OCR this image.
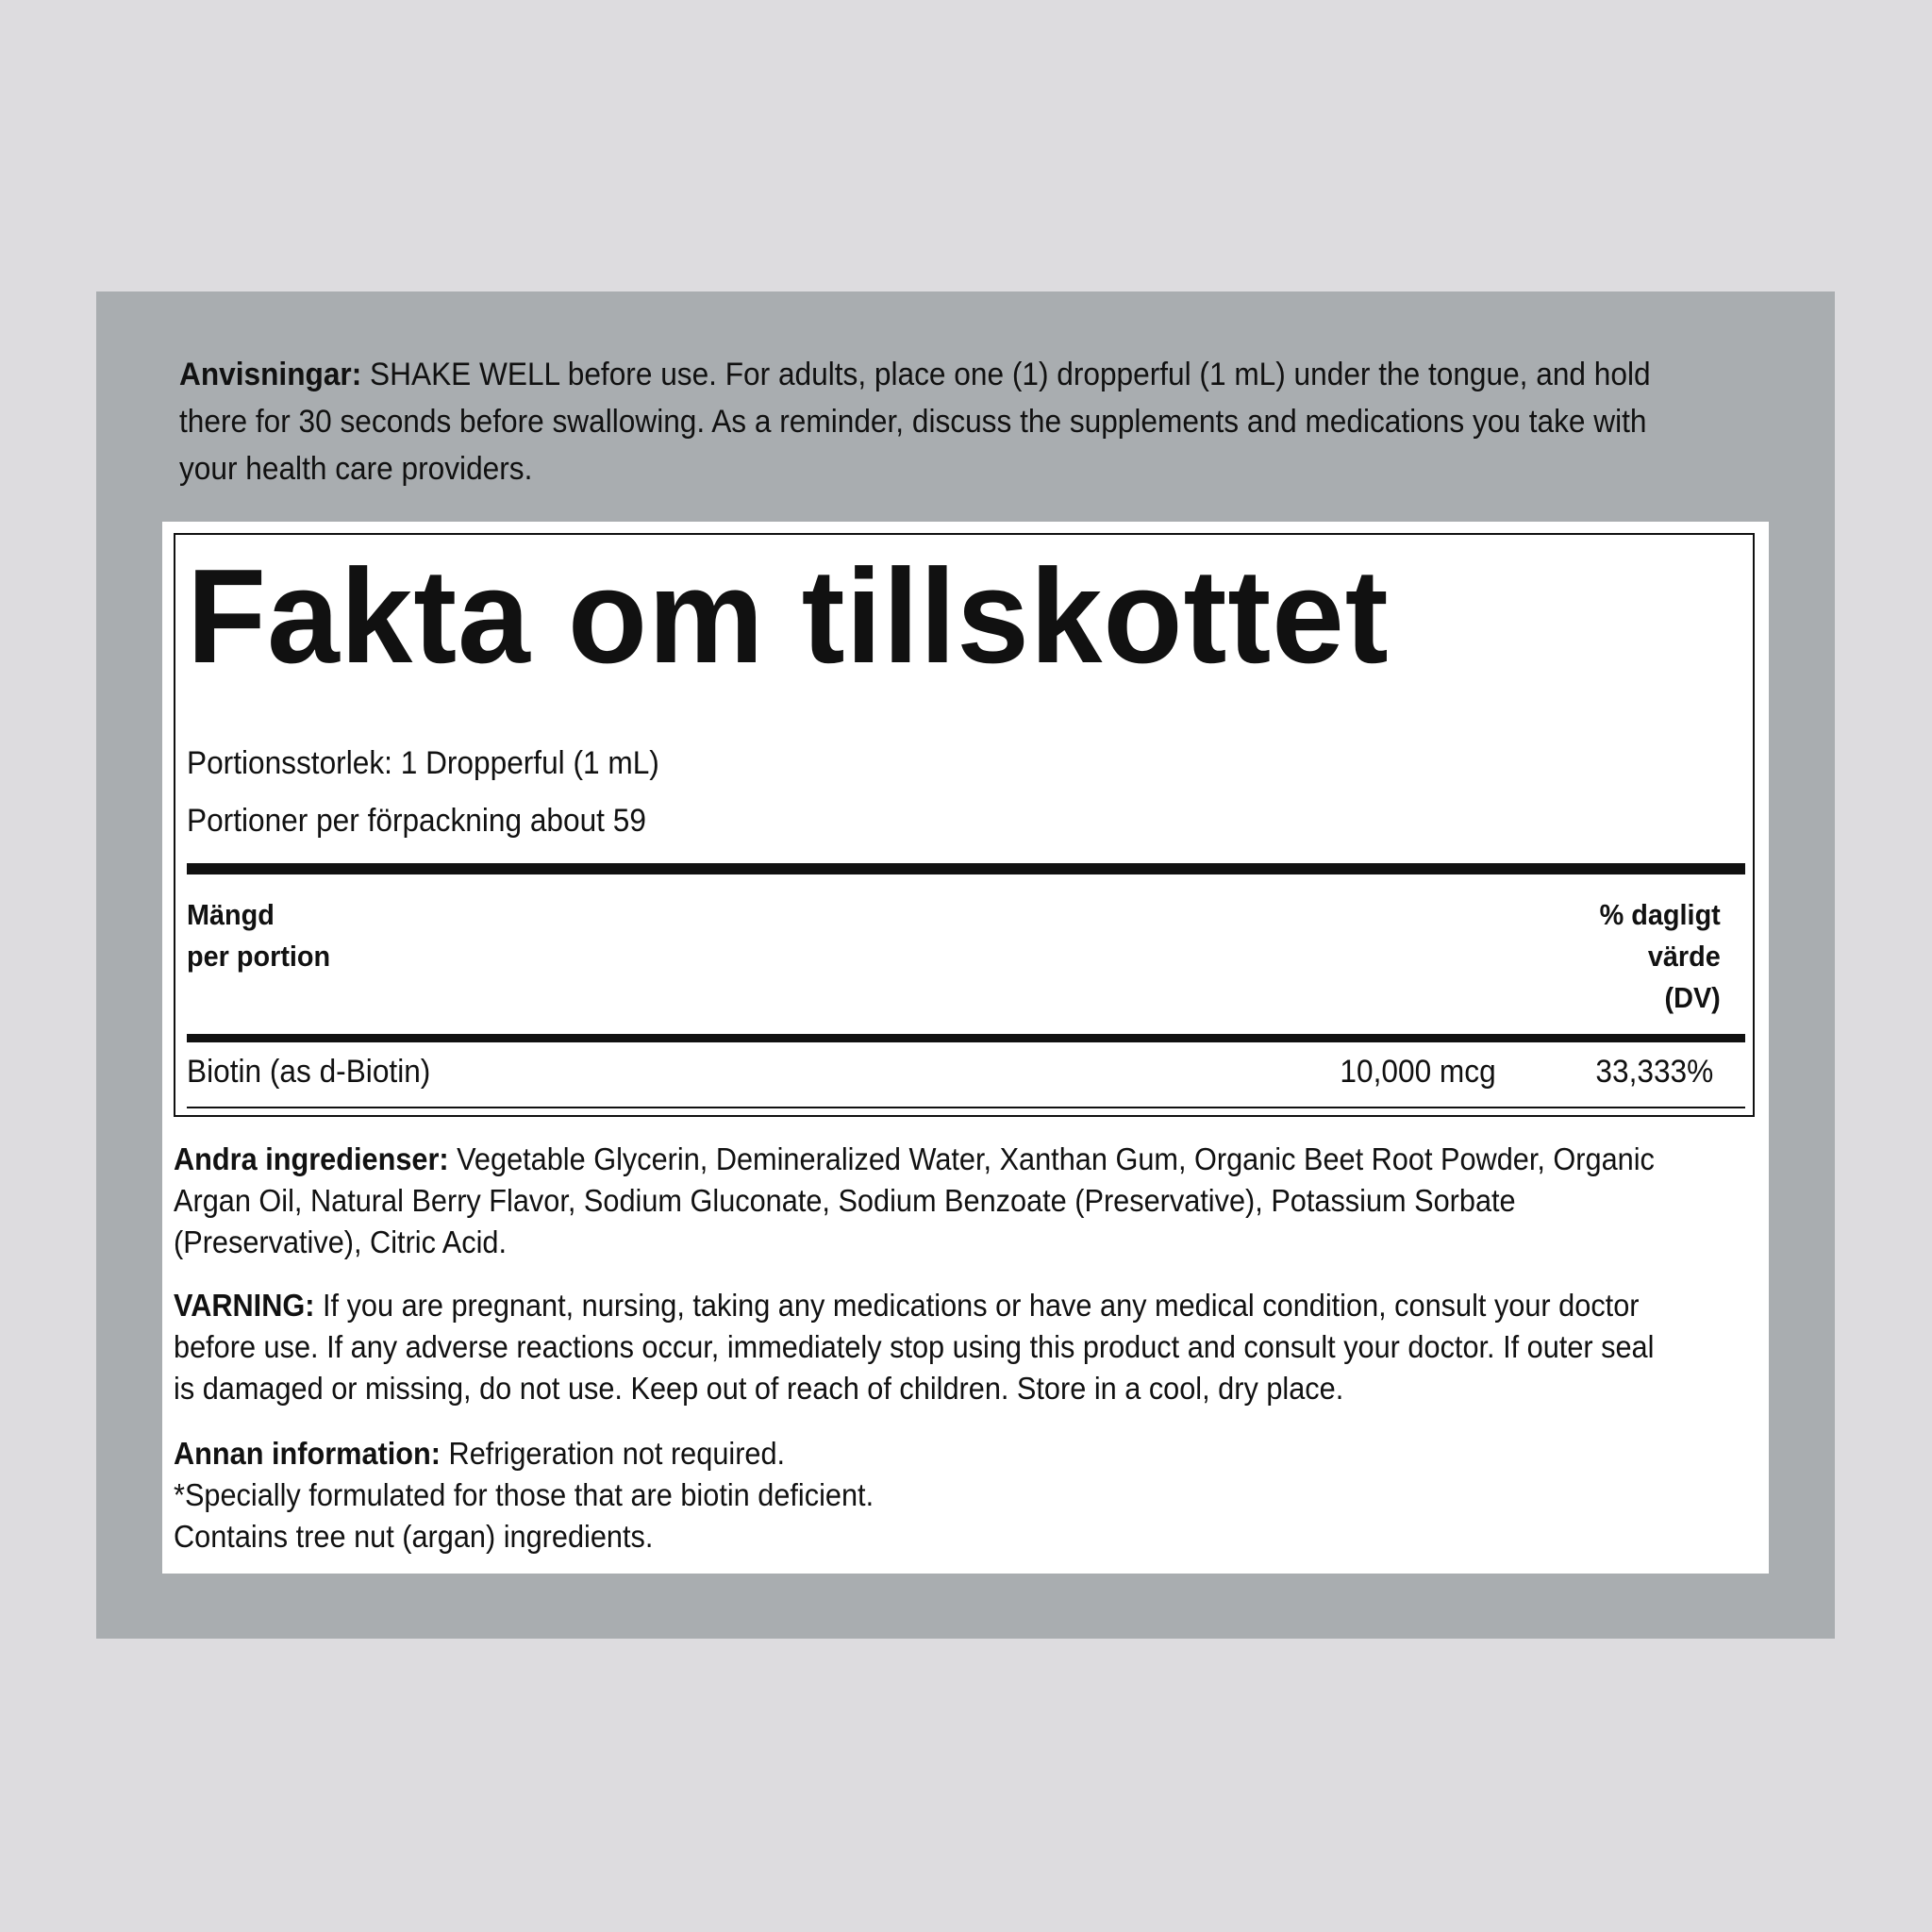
Anvisningar: SHAKE WELL before use. For adults, place one (1) dropperful (1 mL) under the tongue, and hold there for 30 seconds before swallowing. As a reminder, discuss the supplements and medications you take with your health care providers.
Fakta om tillskottet
Portionsstorlek: 1 Dropperful (1 mL)
Portioner per förpackning about 59
Mängd
per portion
% dagligt
värde
(DV)
Biotin (as d-Biotin)	10,000 mcg	33,333%
Andra ingredienser: Vegetable Glycerin, Demineralized Water, Xanthan Gum, Organic Beet Root Powder, Organic Argan Oil, Natural Berry Flavor, Sodium Gluconate, Sodium Benzoate (Preservative), Potassium Sorbate (Preservative), Citric Acid.
VARNING: If you are pregnant, nursing, taking any medications or have any medical condition, consult your doctor before use. If any adverse reactions occur, immediately stop using this product and consult your doctor. If outer seal is damaged or missing, do not use. Keep out of reach of children. Store in a cool, dry place.
Annan information: Refrigeration not required.
*Specially formulated for those that are biotin deficient.
Contains tree nut (argan) ingredients.
